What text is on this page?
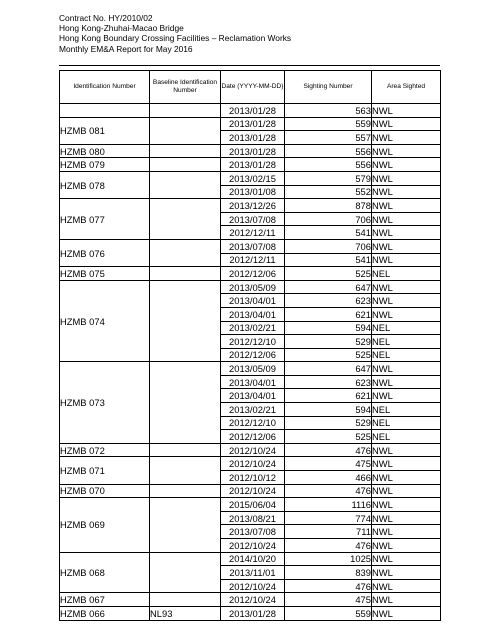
Contract No. HY/2010/02
Hong Kong-Zhuhai-Macao Bridge
Hong Kong Boundary Crossing Facilities – Reclamation Works
Monthly EM&A Report for May 2016
Identification Number	Baseline Identification Number	Date (YYYY-MM-DD)	Sighting Number	Area Sighted
		2013/01/28	563	NWL
HZMB 081		2013/01/28	559	NWL
		2013/01/28	557	NWL
HZMB 080		2013/01/28	556	NWL
HZMB 079		2013/01/28	556	NWL
HZMB 078		2013/02/15	579	NWL
		2013/01/08	552	NWL
HZMB 077		2013/12/26	878	NWL
		2013/07/08	706	NWL
		2012/12/11	541	NWL
HZMB 076		2013/07/08	706	NWL
		2012/12/11	541	NWL
HZMB 075		2012/12/06	525	NEL
HZMB 074		2013/05/09	647	NWL
		2013/04/01	623	NWL
		2013/04/01	621	NWL
		2013/02/21	594	NEL
		2012/12/10	529	NEL
		2012/12/06	525	NEL
HZMB 073		2013/05/09	647	NWL
		2013/04/01	623	NWL
		2013/04/01	621	NWL
		2013/02/21	594	NEL
		2012/12/10	529	NEL
		2012/12/06	525	NEL
HZMB 072		2012/10/24	476	NWL
HZMB 071		2012/10/24	475	NWL
		2012/10/12	466	NWL
HZMB 070		2012/10/24	476	NWL
HZMB 069		2015/06/04	1116	NWL
		2013/08/21	774	NWL
		2013/07/08	711	NWL
		2012/10/24	476	NWL
HZMB 068		2014/10/20	1025	NWL
		2013/11/01	839	NWL
		2012/10/24	476	NWL
HZMB 067		2012/10/24	475	NWL
HZMB 066	NL93	2013/01/28	559	NWL
